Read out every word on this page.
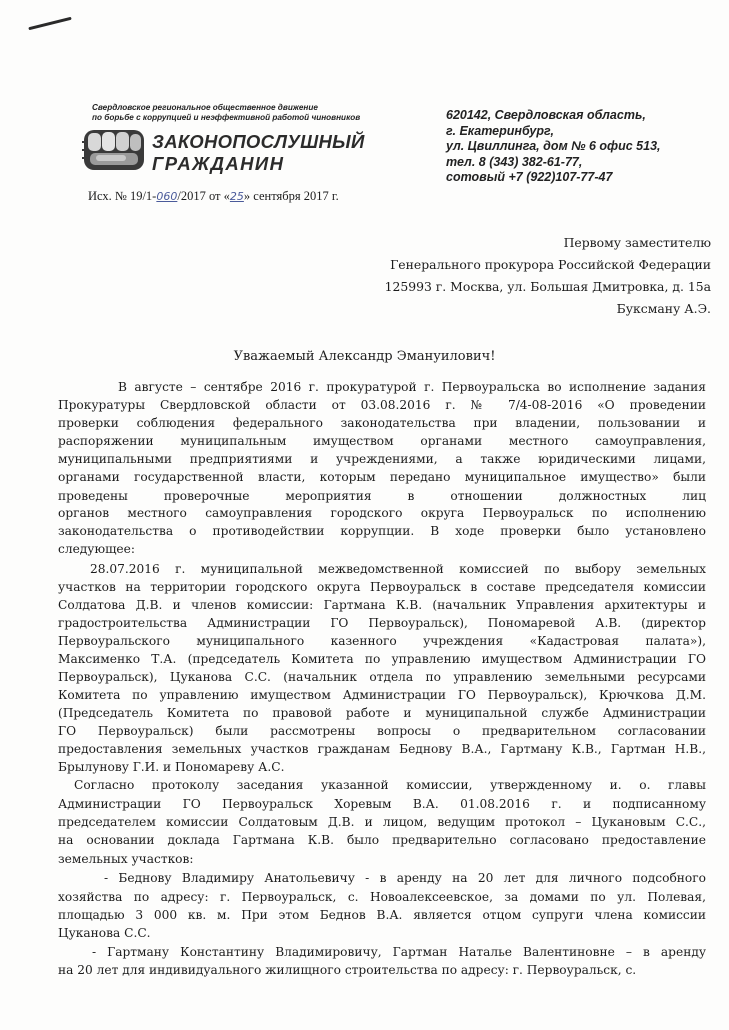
Свердловское региональное общественное движение
по борьбе с коррупцией и неэффективной работой чиновников
ЗАКОНОПОСЛУШНЫЙ
ГРАЖДАНИН
620142, Свердловская область,
г. Екатеринбург,
ул. Цвиллинга, дом № 6 офис 513,
тел. 8 (343) 382-61-77,
сотовый +7 (922)107-77-47
Исх. № 19/1-060/2017 от «25» сентября 2017 г.
Первому заместителю
Генерального прокурора Российской Федерации
125993 г. Москва, ул. Большая Дмитровка, д. 15а
Буксману А.Э.
Уважаемый Александр Эмануилович!
В августе – сентябре 2016 г. прокуратурой г. Первоуральска во исполнение задания
Прокуратуры Свердловской области от 03.08.2016 г. № 7/4-08-2016 «О проведении
проверки соблюдения федерального законодательства при владении, пользовании и
распоряжении муниципальным имуществом органами местного самоуправления,
муниципальными предприятиями и учреждениями, а также юридическими лицами,
органами государственной власти, которым передано муниципальное имущество» были
проведены проверочные мероприятия в отношении должностных лиц
органов местного самоуправления городского округа Первоуральск по исполнению
законодательства о противодействии коррупции. В ходе проверки было установлено
следующее:
28.07.2016 г. муниципальной межведомственной комиссией по выбору земельных
участков на территории городского округа Первоуральск в составе председателя комиссии
Солдатова Д.В. и членов комиссии: Гартмана К.В. (начальник Управления архитектуры и
градостроительства Администрации ГО Первоуральск), Пономаревой А.В. (директор
Первоуральского муниципального казенного учреждения «Кадастровая палата»),
Максименко Т.А. (председатель Комитета по управлению имуществом Администрации ГО
Первоуральск), Цуканова С.С. (начальник отдела по управлению земельными ресурсами
Комитета по управлению имуществом Администрации ГО Первоуральск), Крючкова Д.М.
(Председатель Комитета по правовой работе и муниципальной службе Администрации
ГО Первоуральск) были рассмотрены вопросы о предварительном согласовании
предоставления земельных участков гражданам Беднову В.А., Гартману К.В., Гартман Н.В.,
Брылунову Г.И. и Пономареву А.С.
Согласно протоколу заседания указанной комиссии, утвержденному и. о. главы
Администрации ГО Первоуральск Хоревым В.А. 01.08.2016 г. и подписанному
председателем комиссии Солдатовым Д.В. и лицом, ведущим протокол – Цукановым С.С.,
на основании доклада Гартмана К.В. было предварительно согласовано предоставление
земельных участков:
- Беднову Владимиру Анатольевичу - в аренду на 20 лет для личного подсобного
хозяйства по адресу: г. Первоуральск, с. Новоалексеевское, за домами по ул. Полевая,
площадью 3 000 кв. м. При этом Беднов В.А. является отцом супруги члена комиссии
Цуканова С.С.
- Гартману Константину Владимировичу, Гартман Наталье Валентиновне – в аренду
на 20 лет для индивидуального жилищного строительства по адресу: г. Первоуральск, с.
